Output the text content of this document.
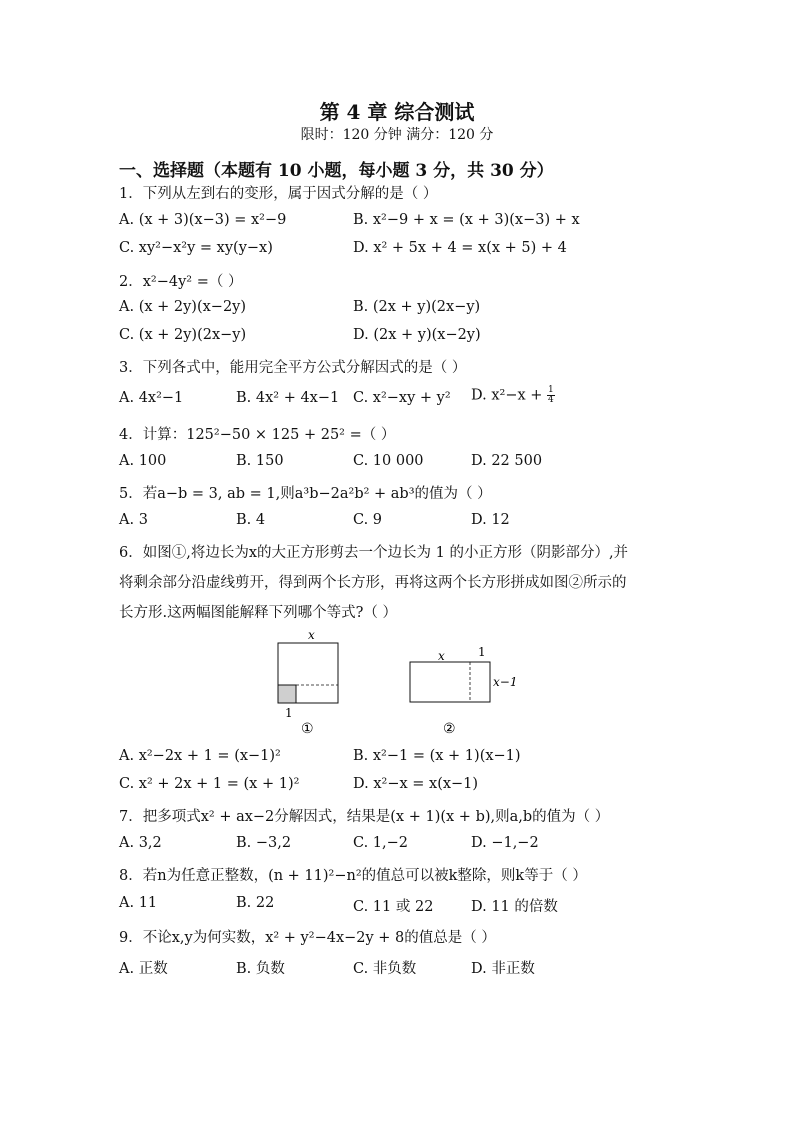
第 4 章 综合测试
限时：120 分钟 满分：120 分
一、选择题（本题有 10 小题，每小题 3 分，共 30 分）
1．下列从左到右的变形，属于因式分解的是（ ）
A. (x + 3)(x−3) = x²−9	B. x²−9 + x = (x + 3)(x−3) + x
C. xy²−x²y = xy(y−x)	D. x² + 5x + 4 = x(x + 5) + 4
2．x²−4y² =（ ）
A. (x + 2y)(x−2y)	B. (2x + y)(2x−y)
C. (x + 2y)(2x−y)	D. (2x + y)(x−2y)
3．下列各式中，能用完全平方公式分解因式的是（ ）
A. 4x²−1	B. 4x² + 4x−1 C. x²−xy + y² D. $x^2-x + \frac{1}{4}$
4．计算：125²−50 × 125 + 25² =（ ）
A. 100	B. 150	C. 10 000	D. 22 500
5．若a−b = 3, ab = 1,则a³b−2a²b² + ab³的值为（ ）
A. 3	B. 4	C. 9	D. 12
6．如图①,将边长为x的大正方形剪去一个边长为 1 的小正方形（阴影部分）,并
将剩余部分沿虚线剪开，得到两个长方形，再将这两个长方形拼成如图②所示的
长方形.这两幅图能解释下列哪个等式?（ ）
x
1
①
x	1
x−1
②
A. x²−2x + 1 = (x−1)²	B. x²−1 = (x + 1)(x−1)
C. x² + 2x + 1 = (x + 1)²	D. x²−x = x(x−1)
7．把多项式x² + ax−2分解因式，结果是(x + 1)(x + b),则a,b的值为（ ）
A. 3,2	B. −3,2	C. 1,−2	D. −1,−2
8．若n为任意正整数，(n + 11)²−n²的值总可以被k整除，则k等于（ ）
A. 11	B. 22	C. 11 或 22	D. 11 的倍数
9．不论x,y为何实数，x² + y²−4x−2y + 8的值总是（ ）
A. 正数	B. 负数	C. 非负数	D. 非正数
